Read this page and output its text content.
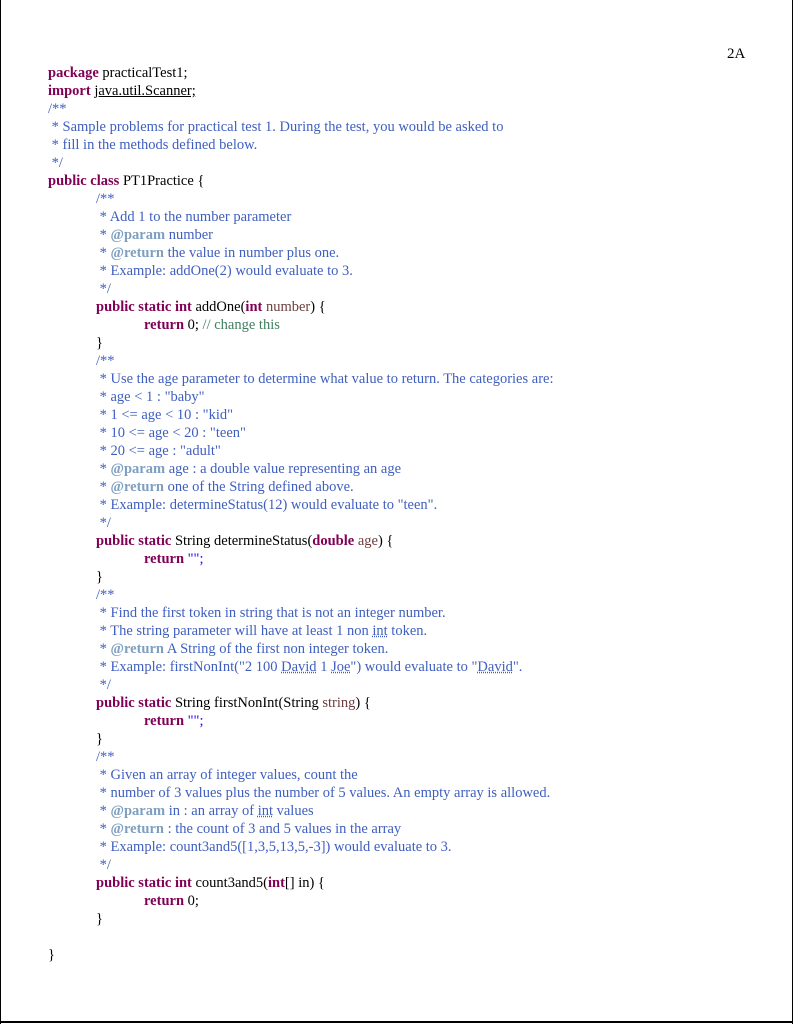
2A
package practicalTest1;
import java.util.Scanner;
/**
* Sample problems for practical test 1. During the test, you would be asked to
* fill in the methods defined below.
*/
public class PT1Practice {
/**
* Add 1 to the number parameter
* @param number
* @return the value in number plus one.
* Example: addOne(2) would evaluate to 3.
*/
public static int addOne(int number) {
return 0; // change this
}
/**
* Use the age parameter to determine what value to return. The categories are:
* age < 1 : "baby"
* 1 <= age < 10 : "kid"
* 10 <= age < 20 : "teen"
* 20 <= age : "adult"
* @param age : a double value representing an age
* @return one of the String defined above.
* Example: determineStatus(12) would evaluate to "teen".
*/
public static String determineStatus(double age) {
return "";
}
/**
* Find the first token in string that is not an integer number.
* The string parameter will have at least 1 non int token.
* @return A String of the first non integer token.
* Example: firstNonInt("2 100 David 1 Joe") would evaluate to "David".
*/
public static String firstNonInt(String string) {
return "";
}
/**
* Given an array of integer values, count the
* number of 3 values plus the number of 5 values. An empty array is allowed.
* @param in : an array of int values
* @return : the count of 3 and 5 values in the array
* Example: count3and5([1,3,5,13,5,-3]) would evaluate to 3.
*/
public static int count3and5(int[] in) {
return 0;
}
}
